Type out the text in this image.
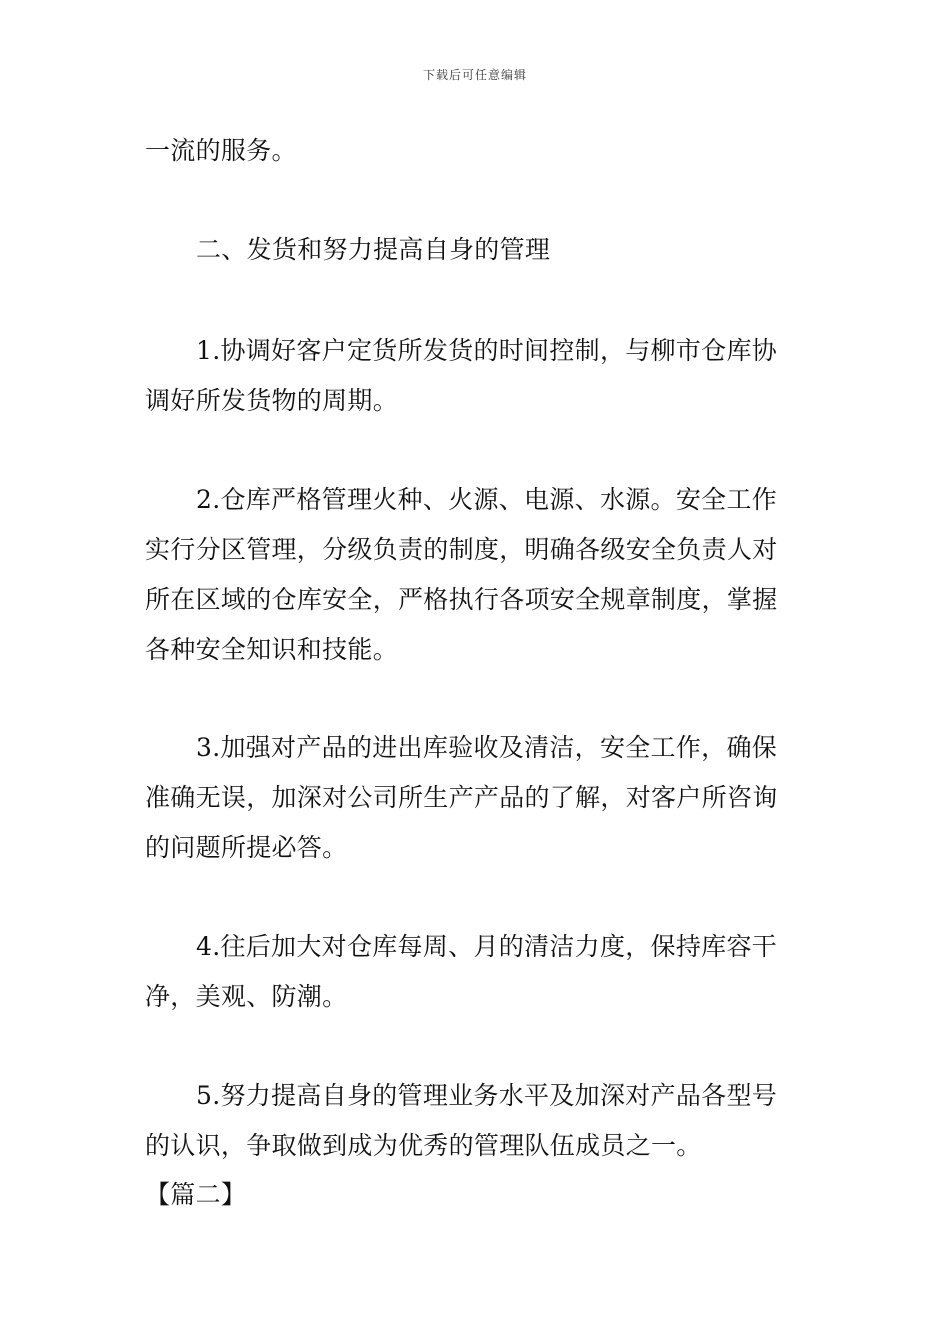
下载后可任意编辑
一流的服务。
二、发货和努力提高自身的管理
1.协调好客户定货所发货的时间控制，与柳市仓库协
调好所发货物的周期。
2.仓库严格管理火种、火源、电源、水源。安全工作
实行分区管理，分级负责的制度，明确各级安全负责人对
所在区域的仓库安全，严格执行各项安全规章制度，掌握
各种安全知识和技能。
3.加强对产品的进出库验收及清洁，安全工作，确保
准确无误，加深对公司所生产产品的了解，对客户所咨询
的问题所提必答。
4.往后加大对仓库每周、月的清洁力度，保持库容干
净，美观、防潮。
5.努力提高自身的管理业务水平及加深对产品各型号
的认识，争取做到成为优秀的管理队伍成员之一。
【篇二】
